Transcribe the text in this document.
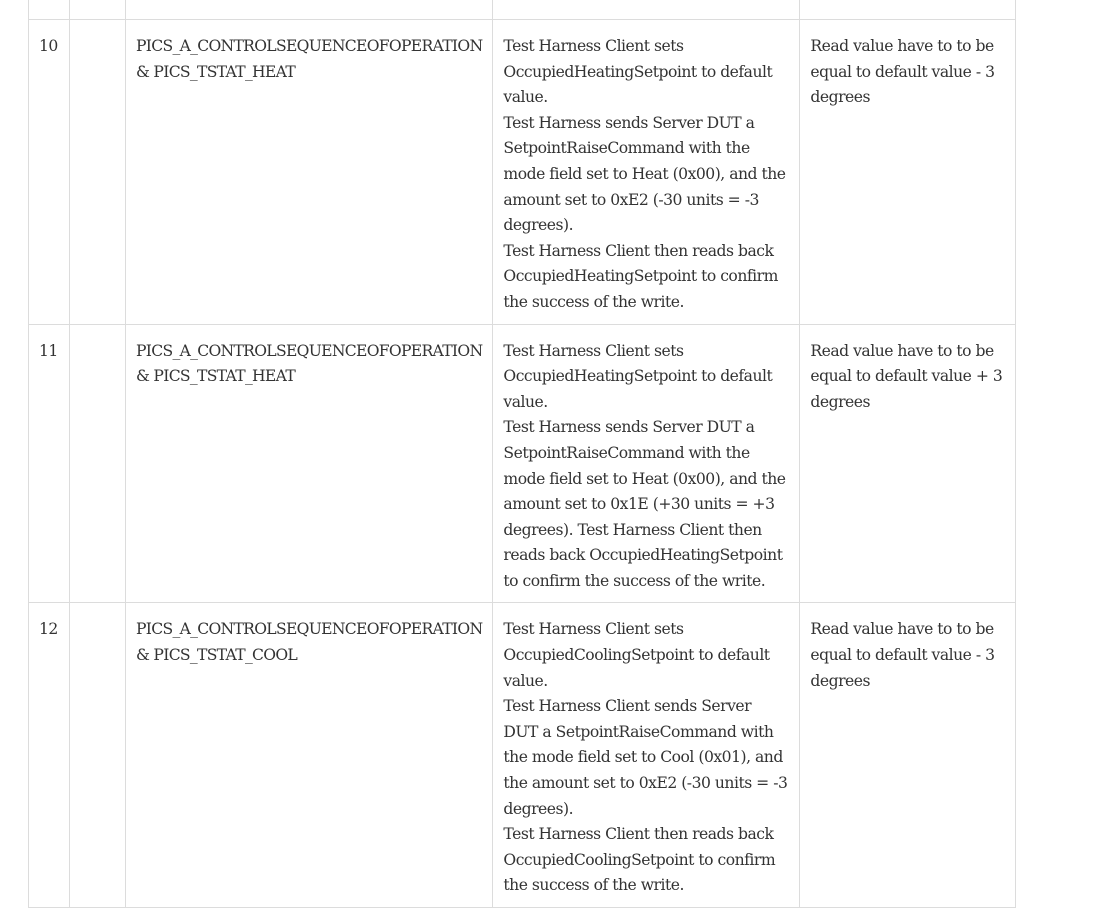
10		PICS_A_CONTROLSEQUENCEOFOPERATION
& PICS_TSTAT_HEAT	Test Harness Client sets OccupiedHeatingSetpoint to default value.
Test Harness sends Server DUT a SetpointRaiseCommand with the mode field set to Heat (0x00), and the amount set to 0xE2 (-30 units = -3 degrees).
Test Harness Client then reads back OccupiedHeatingSetpoint to confirm the success of the write.	Read value have to to be equal to default value - 3 degrees

11		PICS_A_CONTROLSEQUENCEOFOPERATION
& PICS_TSTAT_HEAT	Test Harness Client sets OccupiedHeatingSetpoint to default value.
Test Harness sends Server DUT a SetpointRaiseCommand with the mode field set to Heat (0x00), and the amount set to 0x1E (+30 units = +3 degrees). Test Harness Client then reads back OccupiedHeatingSetpoint to confirm the success of the write.	Read value have to to be equal to default value + 3 degrees

12		PICS_A_CONTROLSEQUENCEOFOPERATION
& PICS_TSTAT_COOL	Test Harness Client sets OccupiedCoolingSetpoint to default value.
Test Harness Client sends Server DUT a SetpointRaiseCommand with the mode field set to Cool (0x01), and the amount set to 0xE2 (-30 units = -3 degrees).
Test Harness Client then reads back OccupiedCoolingSetpoint to confirm the success of the write.	Read value have to to be equal to default value - 3 degrees
